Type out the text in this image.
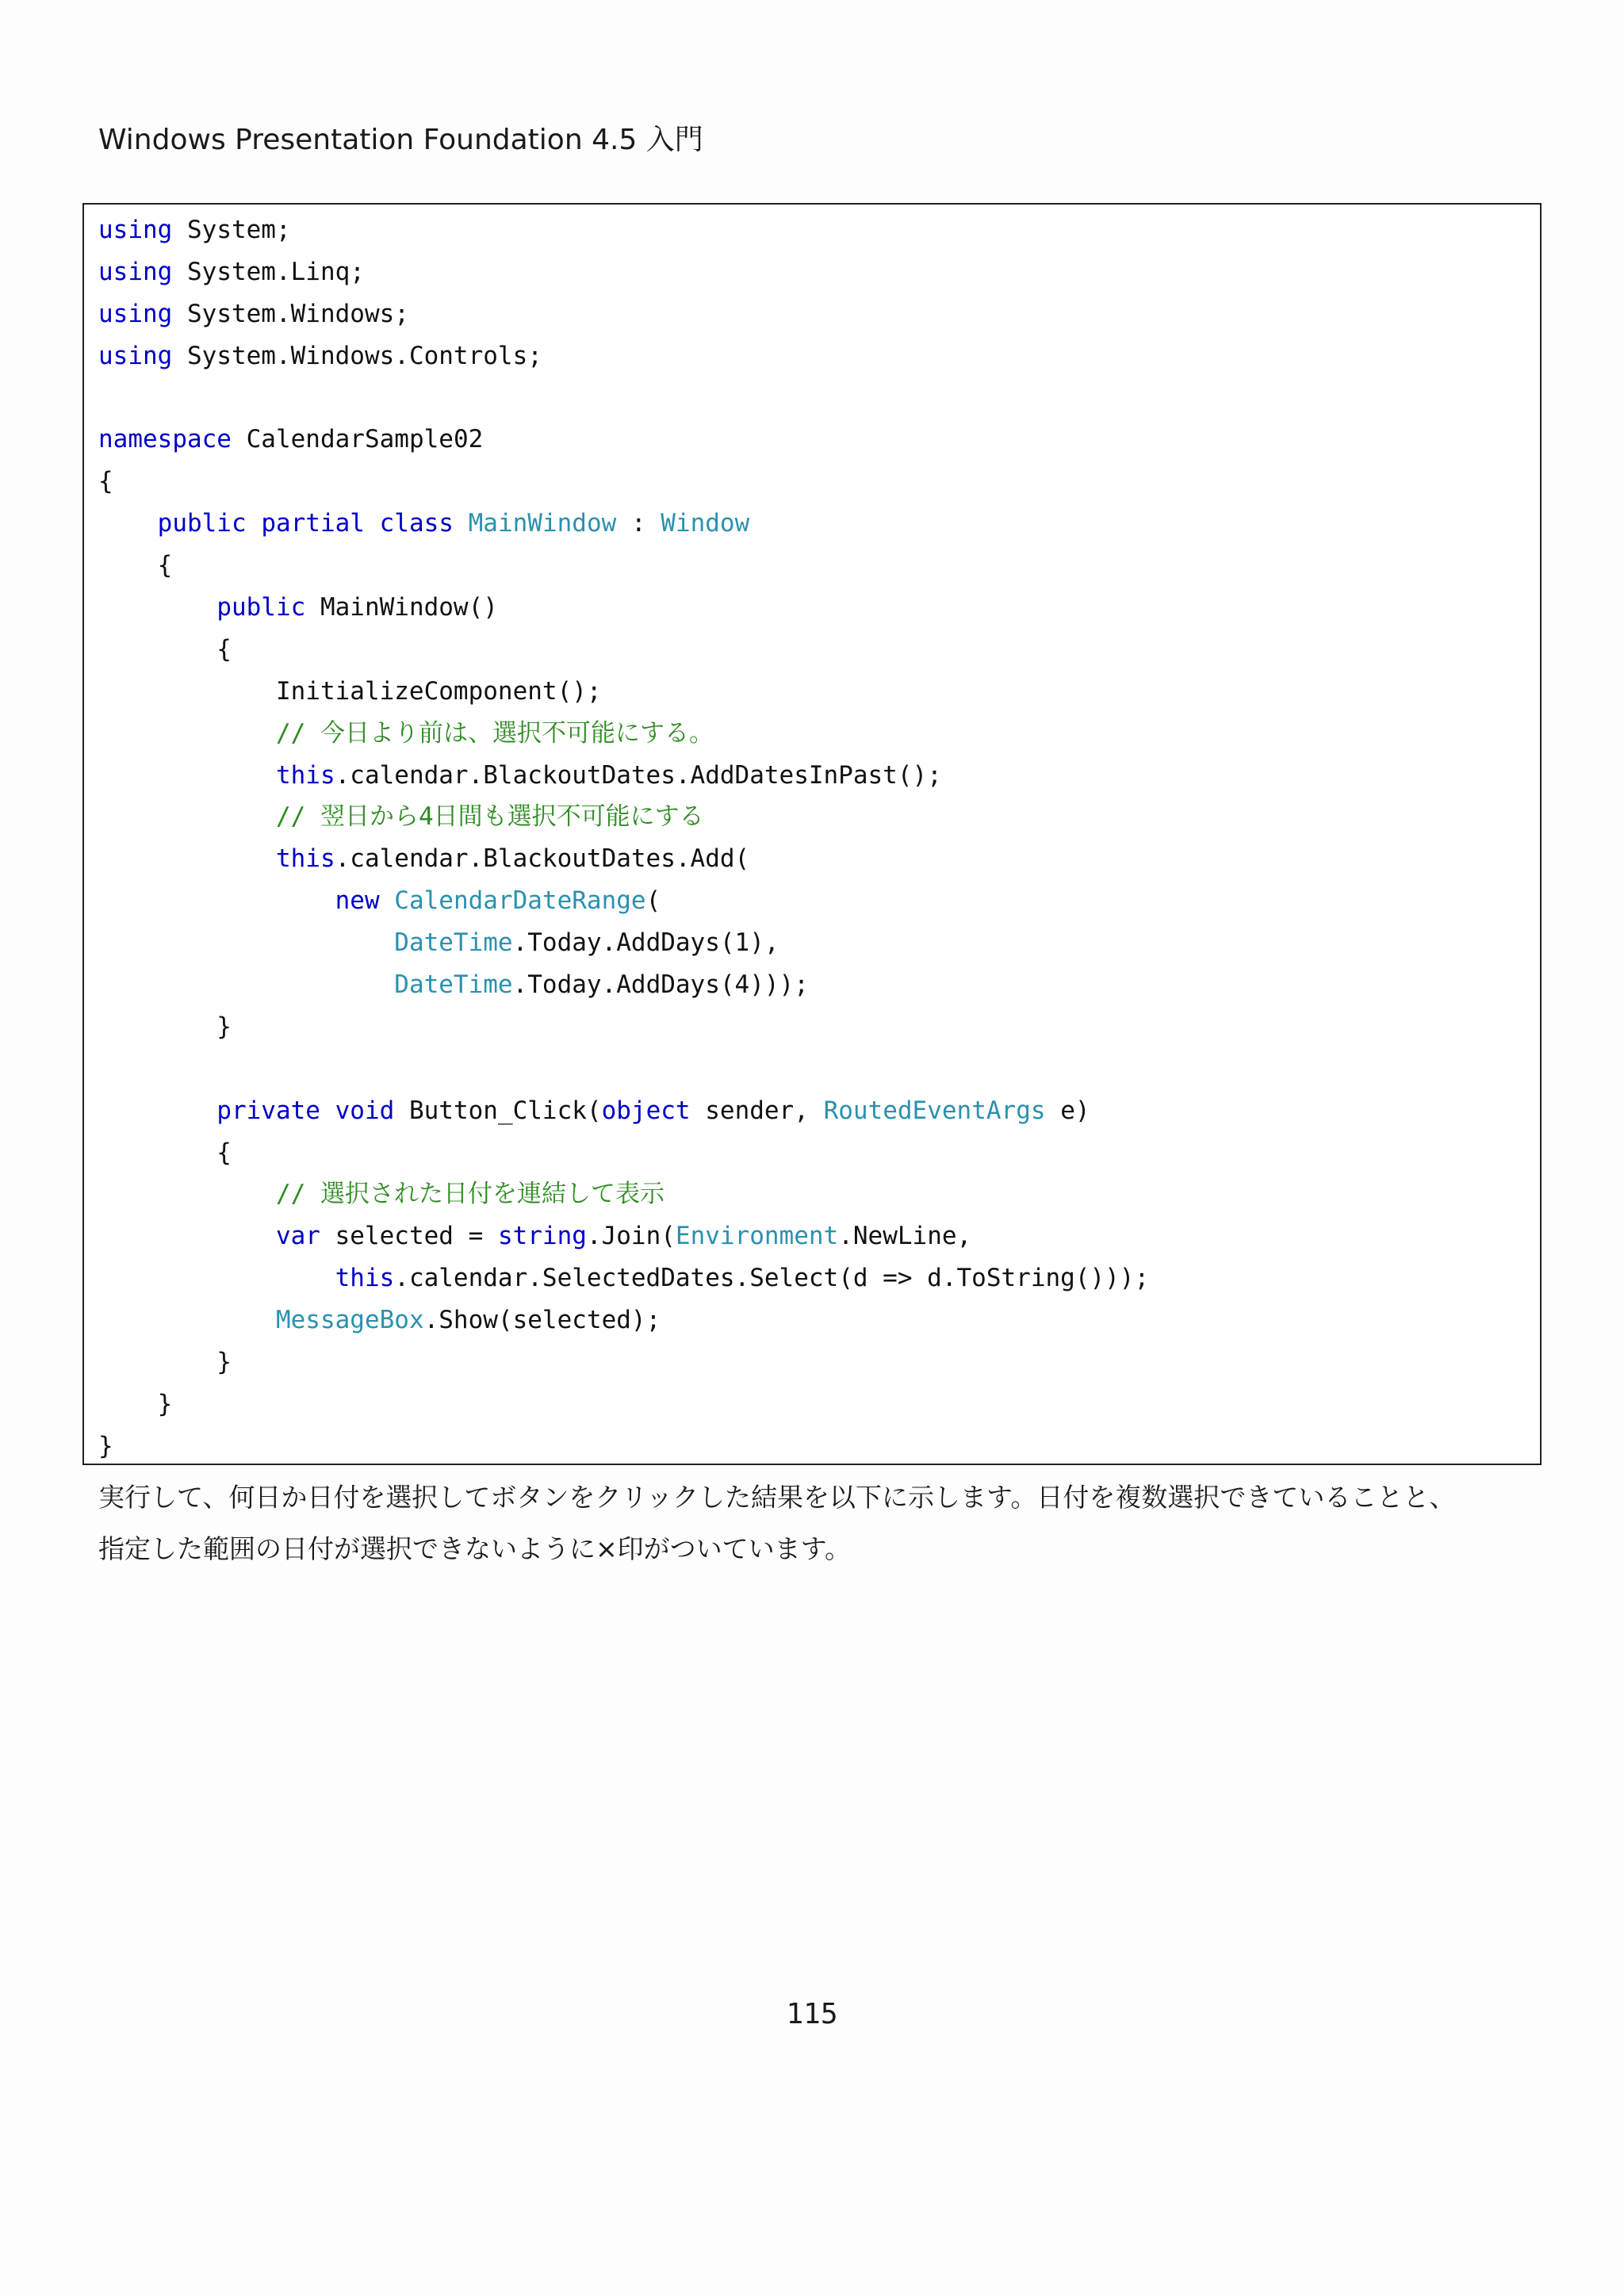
Windows Presentation Foundation 4.5 入門
using System;
using System.Linq;
using System.Windows;
using System.Windows.Controls;

namespace CalendarSample02
{
public partial class MainWindow : Window
{
public MainWindow()
{
InitializeComponent();
// 今日より前は、選択不可能にする。
this.calendar.BlackoutDates.AddDatesInPast();
// 翌日から4日間も選択不可能にする
this.calendar.BlackoutDates.Add(
new CalendarDateRange(
DateTime.Today.AddDays(1),
DateTime.Today.AddDays(4)));
}

private void Button_Click(object sender, RoutedEventArgs e)
{
// 選択された日付を連結して表示
var selected = string.Join(Environment.NewLine,
this.calendar.SelectedDates.Select(d => d.ToString()));
MessageBox.Show(selected);
}
}
}
実行して、何日か日付を選択してボタンをクリックした結果を以下に示します。日付を複数選択できていることと、
指定した範囲の日付が選択できないように×印がついています。
115
